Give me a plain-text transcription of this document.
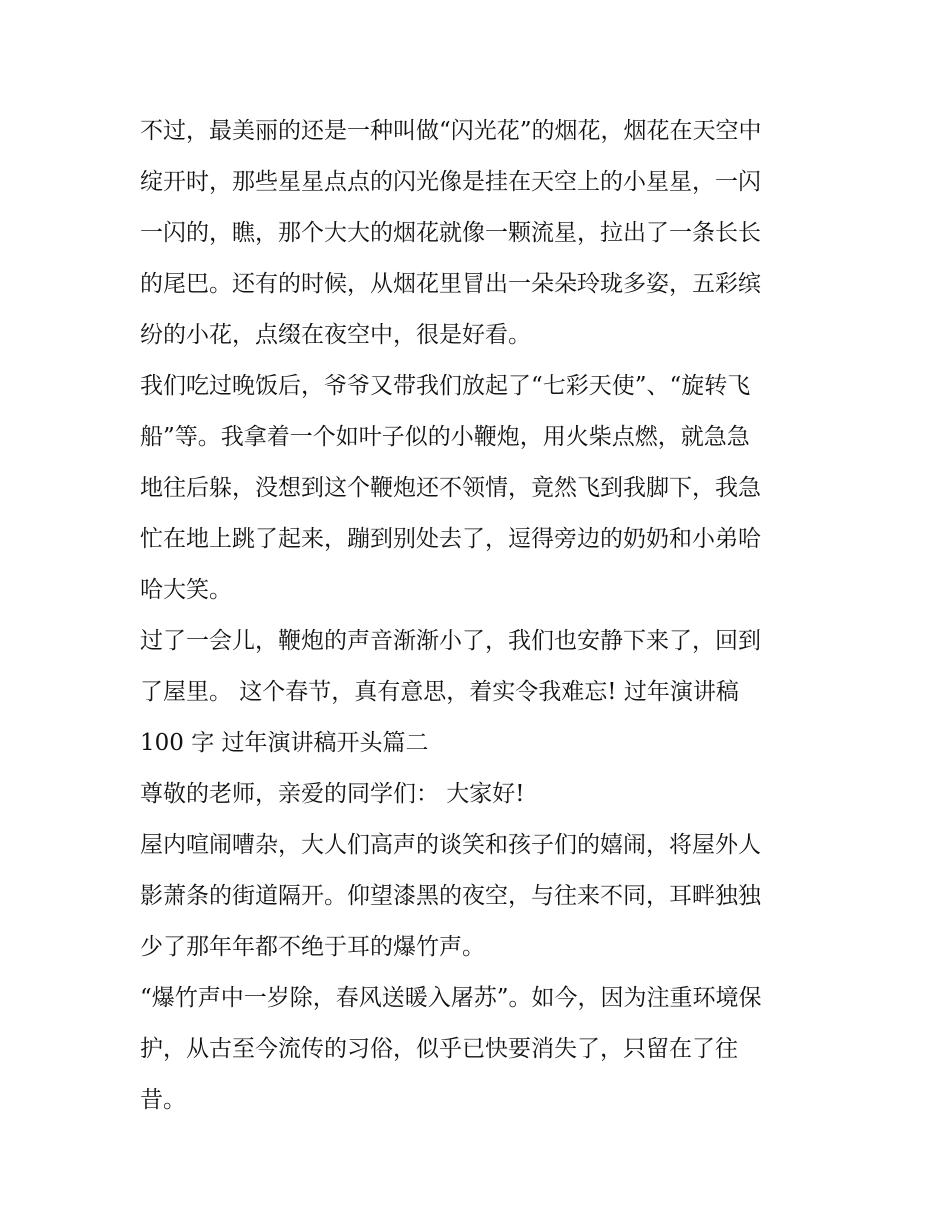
不过，最美丽的还是一种叫做“闪光花”的烟花，烟花在天空中
绽开时，那些星星点点的闪光像是挂在天空上的小星星，一闪
一闪的，瞧，那个大大的烟花就像一颗流星，拉出了一条长长
的尾巴。还有的时候，从烟花里冒出一朵朵玲珑多姿，五彩缤
纷的小花，点缀在夜空中，很是好看。
我们吃过晚饭后，爷爷又带我们放起了“七彩天使”、“旋转飞
船”等。我拿着一个如叶子似的小鞭炮，用火柴点燃，就急急
地往后躲，没想到这个鞭炮还不领情，竟然飞到我脚下，我急
忙在地上跳了起来，蹦到别处去了，逗得旁边的奶奶和小弟哈
哈大笑。
过了一会儿，鞭炮的声音渐渐小了，我们也安静下来了，回到
了屋里。 这个春节，真有意思，着实令我难忘! 过年演讲稿
100 字 过年演讲稿开头篇二
尊敬的老师，亲爱的同学们： 大家好!
屋内喧闹嘈杂，大人们高声的谈笑和孩子们的嬉闹，将屋外人
影萧条的街道隔开。仰望漆黑的夜空，与往来不同，耳畔独独
少了那年年都不绝于耳的爆竹声。
“爆竹声中一岁除，春风送暖入屠苏”。如今，因为注重环境保
护，从古至今流传的习俗，似乎已快要消失了，只留在了往
昔。
